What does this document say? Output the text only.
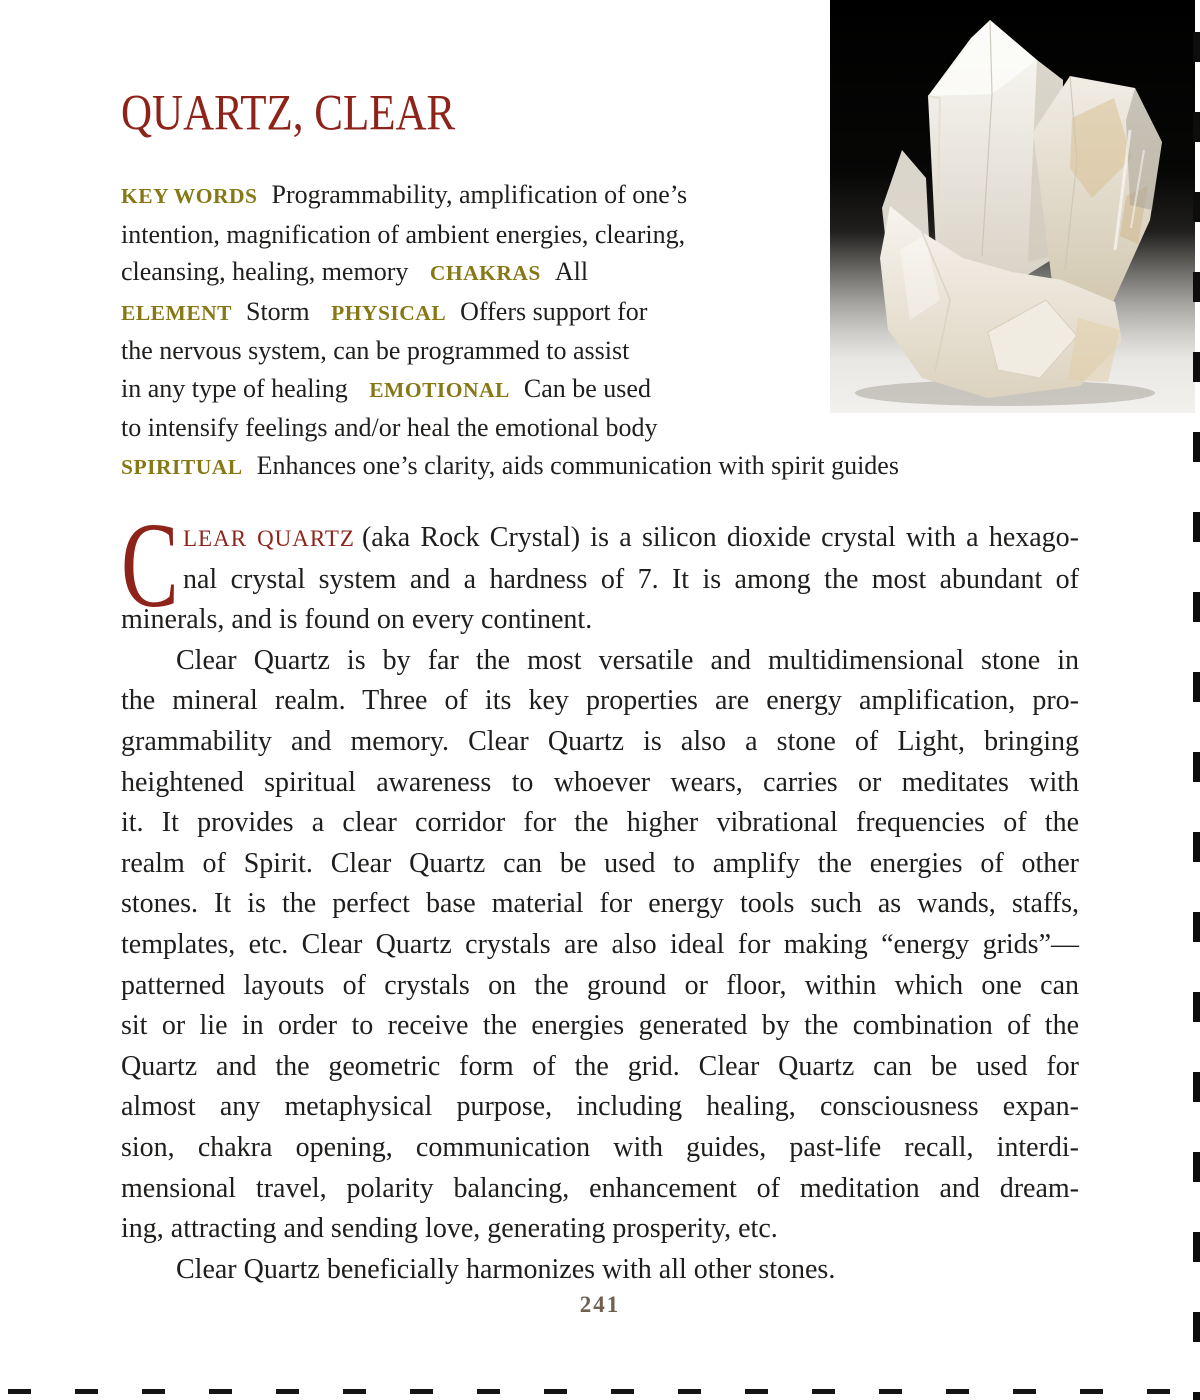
QUARTZ, CLEAR
KEY WORDS Programmability, amplification of one’s
intention, magnification of ambient energies, clearing,
cleansing, healing, memory CHAKRAS All
ELEMENT Storm PHYSICAL Offers support for
the nervous system, can be programmed to assist
in any type of healing EMOTIONAL Can be used
to intensify feelings and/or heal the emotional body
SPIRITUAL Enhances one’s clarity, aids communication with spirit guides
C LEAR QUARTZ (aka Rock Crystal) is a silicon dioxide crystal with a hexago-
nal crystal system and a hardness of 7. It is among the most abundant of
minerals, and is found on every continent.
Clear Quartz is by far the most versatile and multidimensional stone in
the mineral realm. Three of its key properties are energy amplification, pro-
grammability and memory. Clear Quartz is also a stone of Light, bringing
heightened spiritual awareness to whoever wears, carries or meditates with
it. It provides a clear corridor for the higher vibrational frequencies of the
realm of Spirit. Clear Quartz can be used to amplify the energies of other
stones. It is the perfect base material for energy tools such as wands, staffs,
templates, etc. Clear Quartz crystals are also ideal for making “energy grids”—
patterned layouts of crystals on the ground or floor, within which one can
sit or lie in order to receive the energies generated by the combination of the
Quartz and the geometric form of the grid. Clear Quartz can be used for
almost any metaphysical purpose, including healing, consciousness expan-
sion, chakra opening, communication with guides, past-life recall, interdi-
mensional travel, polarity balancing, enhancement of meditation and dream-
ing, attracting and sending love, generating prosperity, etc.
Clear Quartz beneficially harmonizes with all other stones.
241
